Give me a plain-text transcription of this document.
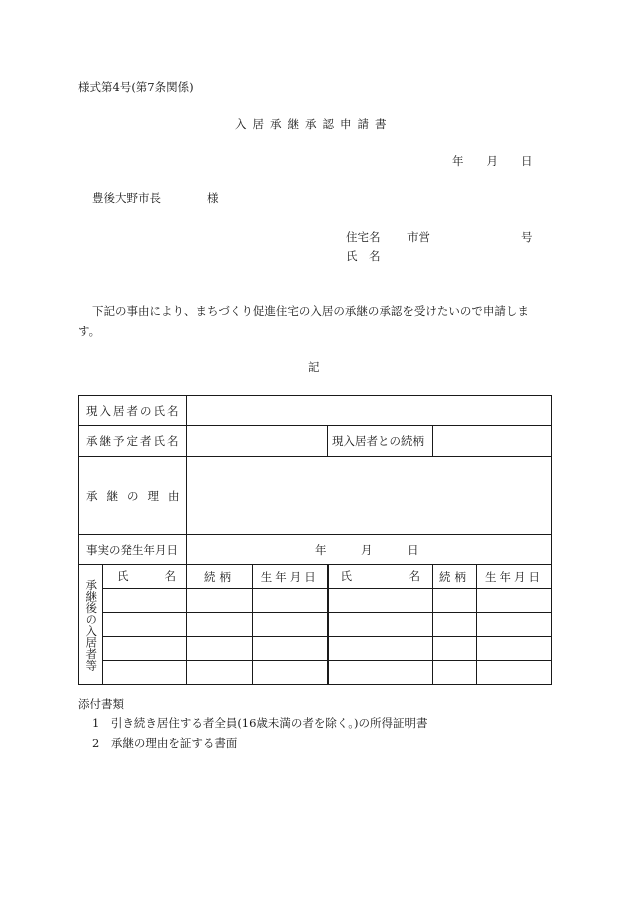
様式第4号(第7条関係)
入居承継承認申請書
年　　月　　日
豊後大野市長	様
住宅名 市営	号
氏　名
下記の事由により、まちづくり促進住宅の入居の承継の承認を受けたいので申請しま
す。
記
現入居者の氏名						
承継予定者氏名				現入居者との続柄		
承継の理由						
事実の発生年月日		年　　　月　　　日				
承継後の入居者等	氏 名	続柄	生年月日	氏 名	続柄	生年月日

添付書類
1　引き続き居住する者全員(16歳未満の者を除く。)の所得証明書
2　承継の理由を証する書面
